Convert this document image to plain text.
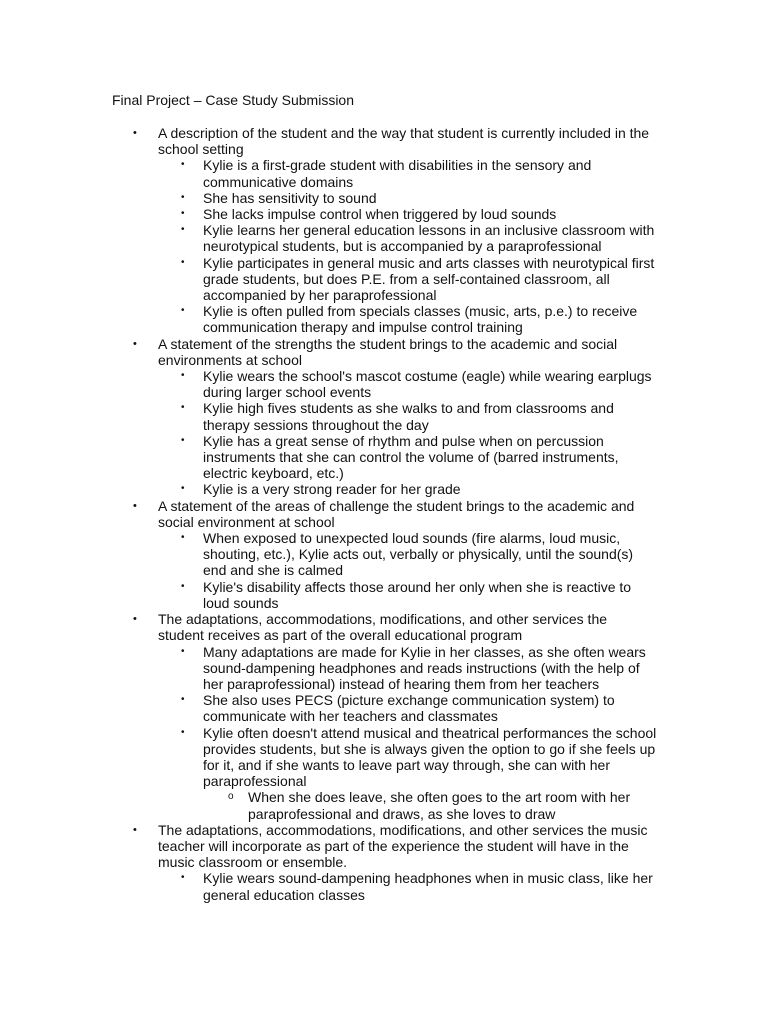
Final Project – Case Study Submission
• A description of the student and the way that student is currently included in the school setting
• Kylie is a first-grade student with disabilities in the sensory and communicative domains
• She has sensitivity to sound
• She lacks impulse control when triggered by loud sounds
• Kylie learns her general education lessons in an inclusive classroom with neurotypical students, but is accompanied by a paraprofessional
• Kylie participates in general music and arts classes with neurotypical first grade students, but does P.E. from a self-contained classroom, all accompanied by her paraprofessional
• Kylie is often pulled from specials classes (music, arts, p.e.) to receive communication therapy and impulse control training
• A statement of the strengths the student brings to the academic and social environments at school
• Kylie wears the school's mascot costume (eagle) while wearing earplugs during larger school events
• Kylie high fives students as she walks to and from classrooms and therapy sessions throughout the day
• Kylie has a great sense of rhythm and pulse when on percussion instruments that she can control the volume of (barred instruments, electric keyboard, etc.)
• Kylie is a very strong reader for her grade
• A statement of the areas of challenge the student brings to the academic and social environment at school
• When exposed to unexpected loud sounds (fire alarms, loud music, shouting, etc.), Kylie acts out, verbally or physically, until the sound(s) end and she is calmed
• Kylie's disability affects those around her only when she is reactive to loud sounds
• The adaptations, accommodations, modifications, and other services the student receives as part of the overall educational program
• Many adaptations are made for Kylie in her classes, as she often wears sound-dampening headphones and reads instructions (with the help of her paraprofessional) instead of hearing them from her teachers
• She also uses PECS (picture exchange communication system) to communicate with her teachers and classmates
• Kylie often doesn't attend musical and theatrical performances the school provides students, but she is always given the option to go if she feels up for it, and if she wants to leave part way through, she can with her paraprofessional
o When she does leave, she often goes to the art room with her paraprofessional and draws, as she loves to draw
• The adaptations, accommodations, modifications, and other services the music teacher will incorporate as part of the experience the student will have in the music classroom or ensemble.
• Kylie wears sound-dampening headphones when in music class, like her general education classes
